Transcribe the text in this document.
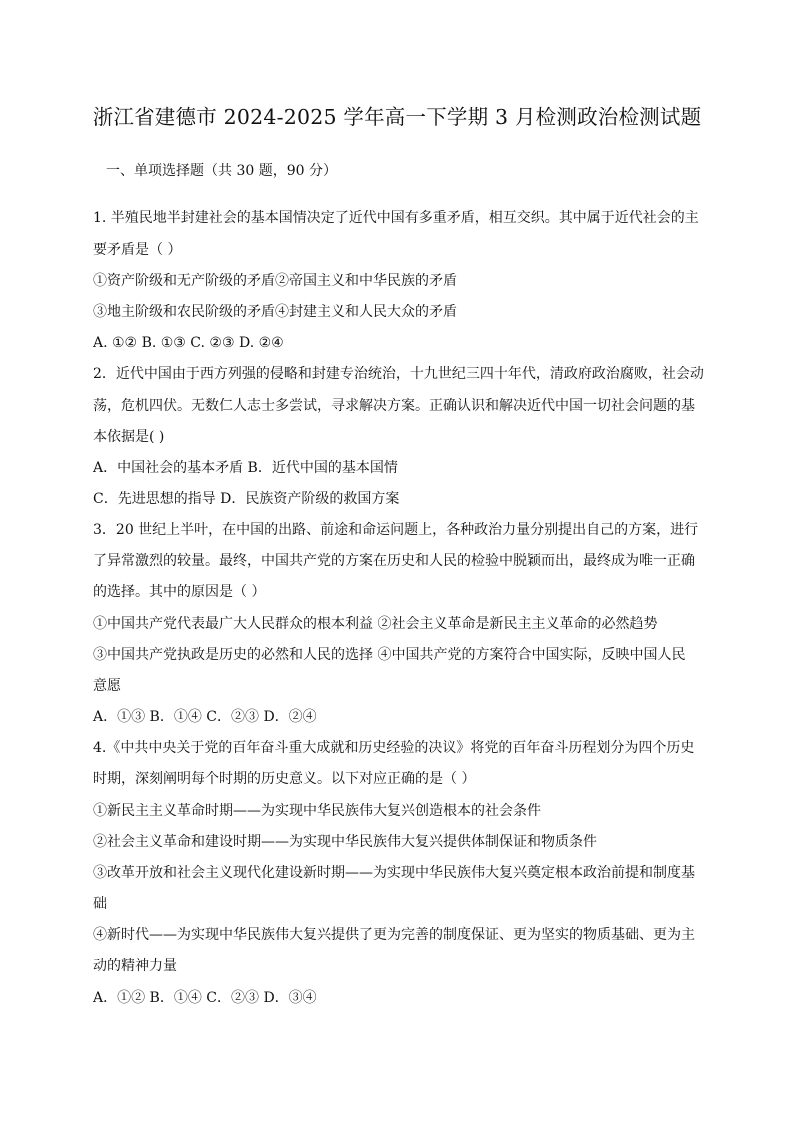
浙江省建德市 2024-2025 学年高一下学期 3 月检测政治检测试题
一、单项选择题（共 30 题，90 分）
1. 半殖民地半封建社会的基本国情决定了近代中国有多重矛盾，相互交织。其中属于近代社会的主
要矛盾是（ ）
①资产阶级和无产阶级的矛盾②帝国主义和中华民族的矛盾
③地主阶级和农民阶级的矛盾④封建主义和人民大众的矛盾
A. ①② B. ①③ C. ②③ D. ②④
2．近代中国由于西方列强的侵略和封建专治统治，十九世纪三四十年代，清政府政治腐败，社会动
荡，危机四伏。无数仁人志士多尝试，寻求解决方案。正确认识和解决近代中国一切社会问题的基
本依据是( )
A．中国社会的基本矛盾 B．近代中国的基本国情
C．先进思想的指导 D．民族资产阶级的救国方案
3．20 世纪上半叶，在中国的出路、前途和命运问题上，各种政治力量分别提出自己的方案，进行
了异常激烈的较量。最终，中国共产党的方案在历史和人民的检验中脱颖而出，最终成为唯一正确
的选择。其中的原因是（ ）
①中国共产党代表最广大人民群众的根本利益 ②社会主义革命是新民主主义革命的必然趋势
③中国共产党执政是历史的必然和人民的选择 ④中国共产党的方案符合中国实际，反映中国人民
意愿
A．①③ B．①④ C．②③ D．②④
4.《中共中央关于党的百年奋斗重大成就和历史经验的决议》将党的百年奋斗历程划分为四个历史
时期，深刻阐明每个时期的历史意义。以下对应正确的是（ ）
①新民主主义革命时期——为实现中华民族伟大复兴创造根本的社会条件
②社会主义革命和建设时期——为实现中华民族伟大复兴提供体制保证和物质条件
③改革开放和社会主义现代化建设新时期——为实现中华民族伟大复兴奠定根本政治前提和制度基
础
④新时代——为实现中华民族伟大复兴提供了更为完善的制度保证、更为坚实的物质基础、更为主
动的精神力量
A．①② B．①④ C．②③ D．③④
